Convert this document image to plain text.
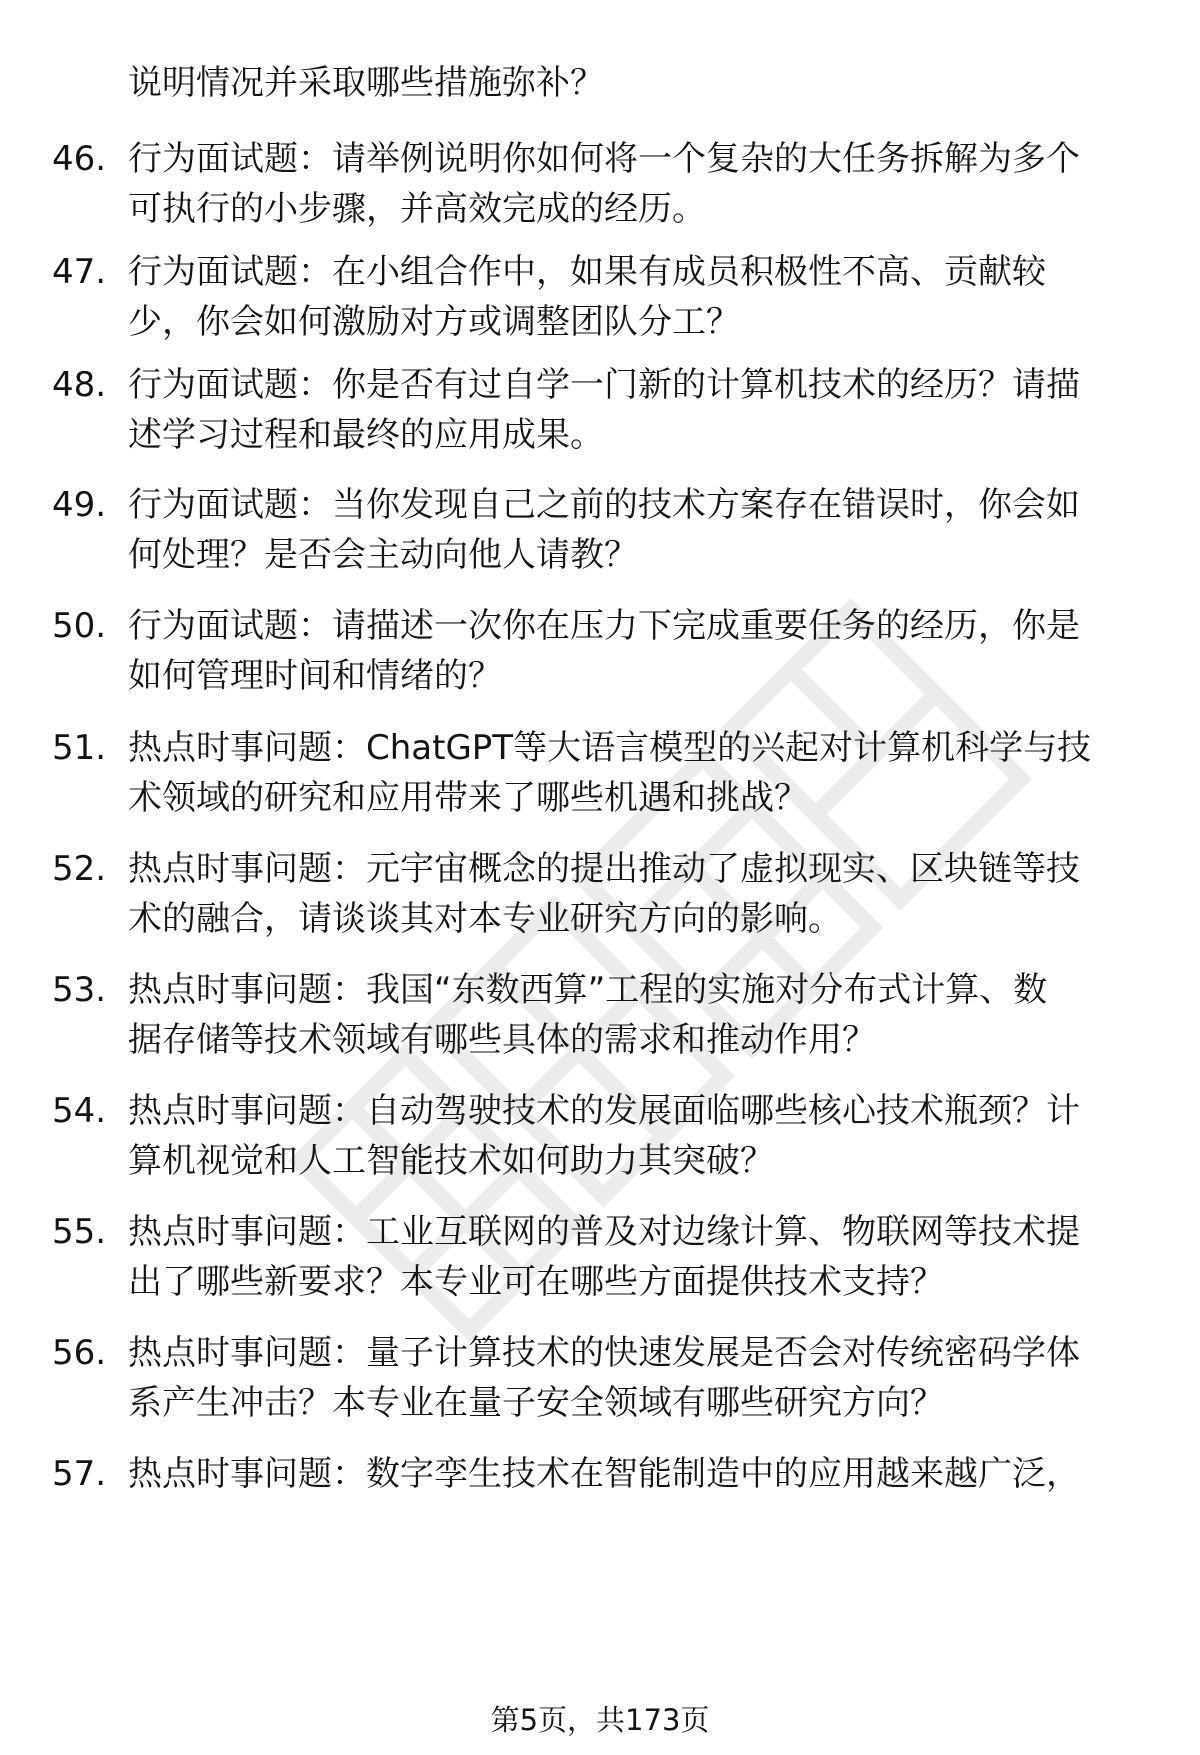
说明情况并采取哪些措施弥补？

46. 行为面试题：请举例说明你如何将一个复杂的大任务拆解为多个
可执行的小步骤，并高效完成的经历。
47. 行为面试题：在小组合作中，如果有成员积极性不高、贡献较
少，你会如何激励对方或调整团队分工？
48. 行为面试题：你是否有过自学一门新的计算机技术的经历？请描
述学习过程和最终的应用成果。
49. 行为面试题：当你发现自己之前的技术方案存在错误时，你会如
何处理？是否会主动向他人请教？
50. 行为面试题：请描述一次你在压力下完成重要任务的经历，你是
如何管理时间和情绪的？
51. 热点时事问题：ChatGPT等大语言模型的兴起对计算机科学与技
术领域的研究和应用带来了哪些机遇和挑战？
52. 热点时事问题：元宇宙概念的提出推动了虚拟现实、区块链等技
术的融合，请谈谈其对本专业研究方向的影响。
53. 热点时事问题：我国“东数西算”工程的实施对分布式计算、数
据存储等技术领域有哪些具体的需求和推动作用？
54. 热点时事问题：自动驾驶技术的发展面临哪些核心技术瓶颈？计
算机视觉和人工智能技术如何助力其突破？
55. 热点时事问题：工业互联网的普及对边缘计算、物联网等技术提
出了哪些新要求？本专业可在哪些方面提供技术支持？
56. 热点时事问题：量子计算技术的快速发展是否会对传统密码学体
系产生冲击？本专业在量子安全领域有哪些研究方向？
57. 热点时事问题：数字孪生技术在智能制造中的应用越来越广泛，
第5页，共173页
